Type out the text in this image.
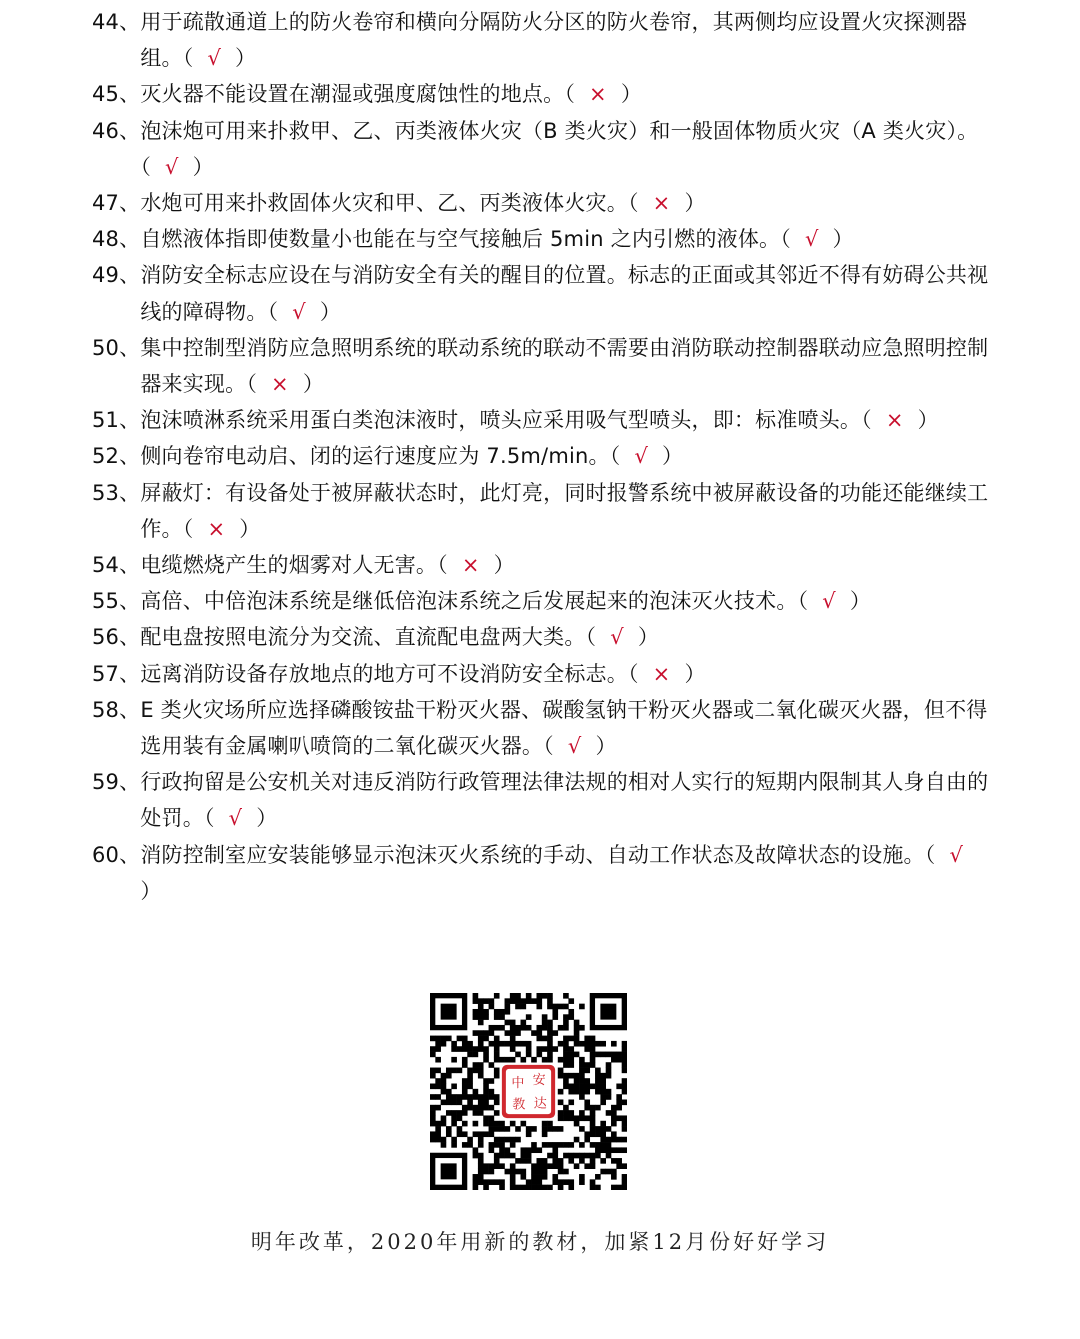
44、 用于疏散通道上的防火卷帘和横向分隔防火分区的防火卷帘，其两侧均应设置火灾探测器组。（ √ ）
45、 灭火器不能设置在潮湿或强度腐蚀性的地点。（ × ）
46、 泡沫炮可用来扑救甲、乙、丙类液体火灾（B 类火灾）和一般固体物质火灾（A 类火灾）。（ √ ）
47、 水炮可用来扑救固体火灾和甲、乙、丙类液体火灾。（ × ）
48、 自燃液体指即使数量小也能在与空气接触后 5min 之内引燃的液体。（ √ ）
49、 消防安全标志应设在与消防安全有关的醒目的位置。标志的正面或其邻近不得有妨碍公共视线的障碍物。（ √ ）
50、 集中控制型消防应急照明系统的联动系统的联动不需要由消防联动控制器联动应急照明控制器来实现。（ × ）
51、 泡沫喷淋系统采用蛋白类泡沫液时，喷头应采用吸气型喷头，即：标准喷头。（ × ）
52、 侧向卷帘电动启、闭的运行速度应为 7.5m/min。（ √ ）
53、 屏蔽灯：有设备处于被屏蔽状态时，此灯亮，同时报警系统中被屏蔽设备的功能还能继续工作。（ × ）
54、 电缆燃烧产生的烟雾对人无害。（ × ）
55、 高倍、中倍泡沫系统是继低倍泡沫系统之后发展起来的泡沫灭火技术。（ √ ）
56、 配电盘按照电流分为交流、直流配电盘两大类。（ √ ）
57、 远离消防设备存放地点的地方可不设消防安全标志。（ × ）
58、 E 类火灾场所应选择磷酸铵盐干粉灭火器、碳酸氢钠干粉灭火器或二氧化碳灭火器，但不得选用装有金属喇叭喷筒的二氧化碳灭火器。（ √ ）
59、 行政拘留是公安机关对违反消防行政管理法律法规的相对人实行的短期内限制其人身自由的处罚。（ √ ）
60、 消防控制室应安装能够显示泡沫灭火系统的手动、自动工作状态及故障状态的设施。（ √）
中 安
教 达
明年改革，2020年用新的教材，加紧12月份好好学习
